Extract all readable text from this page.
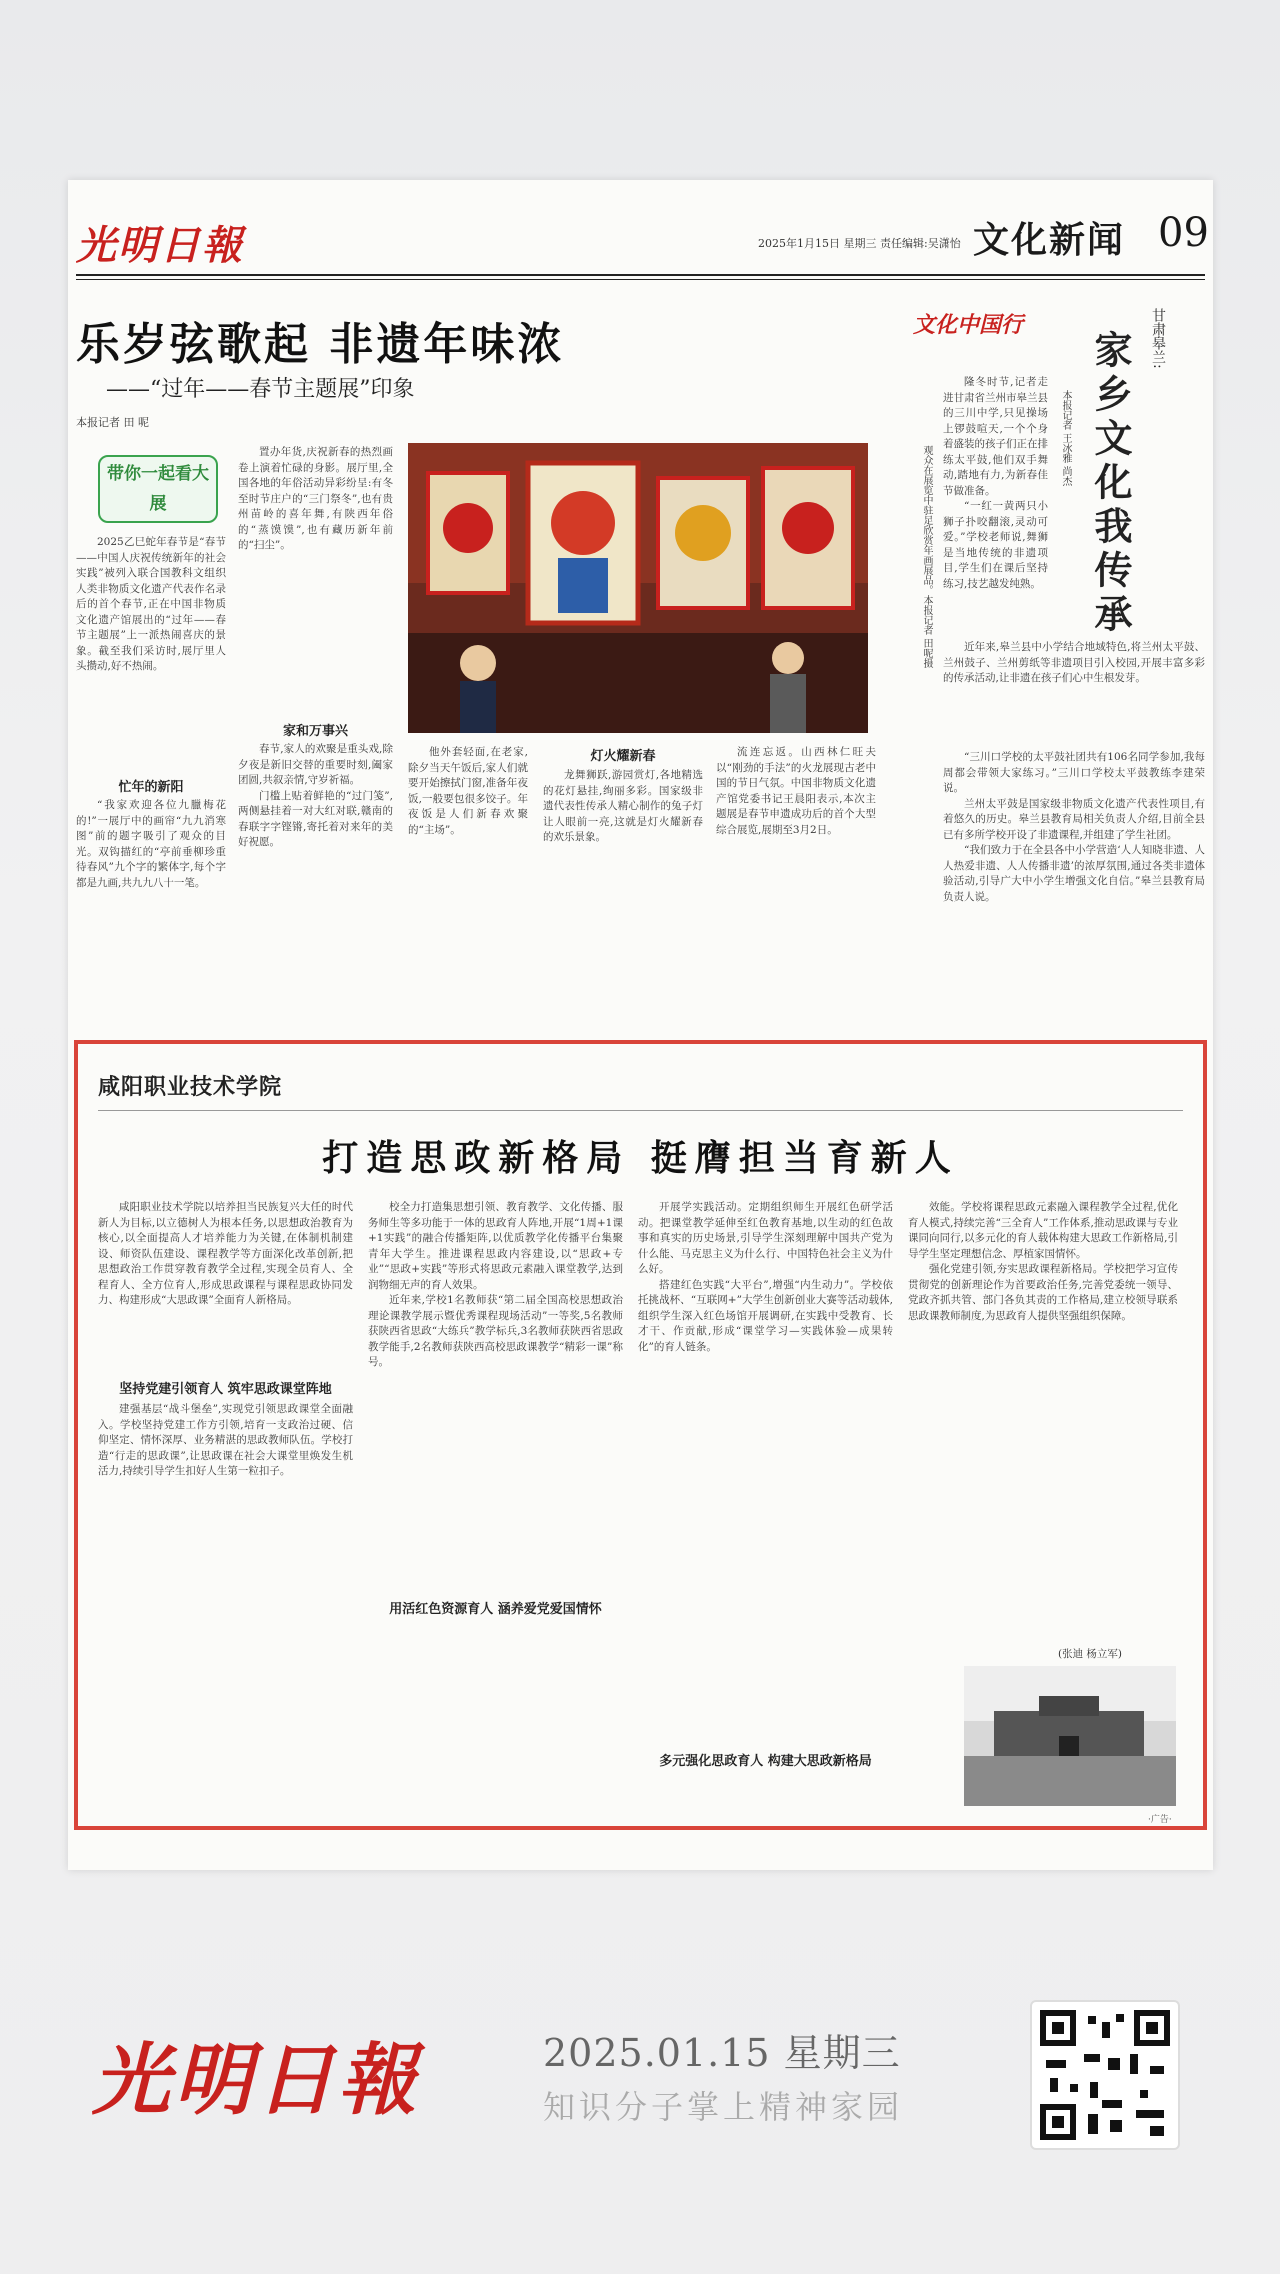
光明日報	2025年1月15日 星期三 责任编辑:吴潇怡 文化新闻 09
乐岁弦歌起 非遗年味浓
——“过年——春节主题展”印象
本报记者 田 呢
带你一起看大展

2025乙巳蛇年春节是“春节——中国人庆祝传统新年的社会实践”被列入联合国教科文组织人类非物质文化遗产代表作名录后的首个春节,正在中国非物质文化遗产馆展出的“过年——春节主题展”上一派热闹喜庆的景象。截至我们采访时,展厅里人头攒动,好不热闹。

忙年的新阳

“我家欢迎各位九臘梅花的!”一展厅中的画帘“九九消寒图”前的题字吸引了观众的目光。双钩描红的“亭前垂柳珍重待春风”九个字的繁体字,每个字都是九画,共九九八十一笔。

置办年货,庆祝新春的热烈画卷上演着忙碌的身影。展厅里,全国各地的年俗活动异彩纷呈:有冬至时节庄户的“三门祭冬”,也有贵州苗岭的喜年舞,有陕西年俗的“蒸馍馍”,也有藏历新年前的“扫尘”。

家和万事兴

春节,家人的欢聚是重头戏,除夕夜是新旧交替的重要时刻,阖家团圆,共叙亲情,守岁祈福。

门槛上贴着鲜艳的“过门笺”,两侧悬挂着一对大红对联,赣南的春联字字铿锵,寄托着对来年的美好祝愿。

观众在展览中驻足欣赏年画展品。本报记者 田呢摄

他外套轻面,在老家,除夕当天午饭后,家人们就要开始擦拭门窗,准备年夜饭,一般要包很多饺子。年夜饭是人们新春欢聚的“主场”。

灯火耀新春

龙舞狮跃,游园赏灯,各地精选的花灯悬挂,绚丽多彩。国家级非遗代表性传承人精心制作的兔子灯让人眼前一亮,这就是灯火耀新春的欢乐景象。

流连忘返。山西林仁旺夫以“刚劲的手法”的火龙展现古老中国的节日气氛。中国非物质文化遗产馆党委书记王晨阳表示,本次主题展是春节申遗成功后的首个大型综合展览,展期至3月2日。

文化中国行	甘肃皋兰:
家乡文化我传承
本报记者 王冰雅 尚杰

隆冬时节,记者走进甘肃省兰州市皋兰县的三川中学,只见操场上锣鼓喧天,一个个身着盛装的孩子们正在排练太平鼓,他们双手舞动,踏地有力,为新春佳节做准备。

“一红一黄两只小狮子扑咬翻滚,灵动可爱。”学校老师说,舞狮是当地传统的非遗项目,学生们在课后坚持练习,技艺越发纯熟。

近年来,皋兰县中小学结合地域特色,将兰州太平鼓、兰州鼓子、兰州剪纸等非遗项目引入校园,开展丰富多彩的传承活动,让非遗在孩子们心中生根发芽。

“三川口学校的太平鼓社团共有106名同学参加,我每周都会带领大家练习。”三川口学校太平鼓教练李建荣说。

兰州太平鼓是国家级非物质文化遗产代表性项目,有着悠久的历史。皋兰县教育局相关负责人介绍,目前全县已有多所学校开设了非遗课程,并组建了学生社团。

“我们致力于在全县各中小学营造‘人人知晓非遗、人人热爱非遗、人人传播非遗’的浓厚氛围,通过各类非遗体验活动,引导广大中小学生增强文化自信。”皋兰县教育局负责人说。

咸阳职业技术学院
打造思政新格局 挺膺担当育新人

咸阳职业技术学院以培养担当民族复兴大任的时代新人为目标,以立德树人为根本任务,以思想政治教育为核心,以全面提高人才培养能力为关键,在体制机制建设、师资队伍建设、课程教学等方面深化改革创新,把思想政治工作贯穿教育教学全过程,实现全员育人、全程育人、全方位育人,形成思政课程与课程思政协同发力、构建形成“大思政课”全面育人新格局。

坚持党建引领育人 筑牢思政课堂阵地

建强基层“战斗堡垒”,实现党引领思政课堂全面融入。学校坚持党建工作方引领,培育一支政治过硬、信仰坚定、情怀深厚、业务精湛的思政教师队伍。学校打造“行走的思政课”,让思政课在社会大课堂里焕发生机活力,持续引导学生扣好人生第一粒扣子。

校全力打造集思想引领、教育教学、文化传播、服务师生等多功能于一体的思政育人阵地,开展“1周+1课+1实践”的融合传播矩阵,以优质教学化传播平台集聚青年大学生。推进课程思政内容建设,以“思政+专业”“思政+实践”等形式将思政元素融入课堂教学,达到润物细无声的育人效果。

近年来,学校1名教师获“第二届全国高校思想政治理论课教学展示暨优秀课程现场活动”一等奖,5名教师获陕西省思政“大练兵”教学标兵,3名教师获陕西省思政教学能手,2名教师获陕西高校思政课教学“精彩一课”称号。

用活红色资源育人 涵养爱党爱国情怀

开展学实践活动。定期组织师生开展红色研学活动。把课堂教学延伸至红色教育基地,以生动的红色故事和真实的历史场景,引导学生深刻理解中国共产党为什么能、马克思主义为什么行、中国特色社会主义为什么好。

搭建红色实践“大平台”,增强“内生动力”。学校依托挑战杯、“互联网+”大学生创新创业大赛等活动载体,组织学生深入红色场馆开展调研,在实践中受教育、长才干、作贡献,形成“课堂学习—实践体验—成果转化”的育人链条。

多元强化思政育人 构建大思政新格局

效能。学校将课程思政元素融入课程教学全过程,优化育人模式,持续完善“三全育人”工作体系,推动思政课与专业课同向同行,以多元化的育人载体构建大思政工作新格局,引导学生坚定理想信念、厚植家国情怀。

强化党建引领,夯实思政课程新格局。学校把学习宣传贯彻党的创新理论作为首要政治任务,完善党委统一领导、党政齐抓共管、部门各负其责的工作格局,建立校领导联系思政课教师制度,为思政育人提供坚强组织保障。

(张迪 杨立军)
·广告·
光明日報	2025.01.15 星期三
知识分子掌上精神家园
